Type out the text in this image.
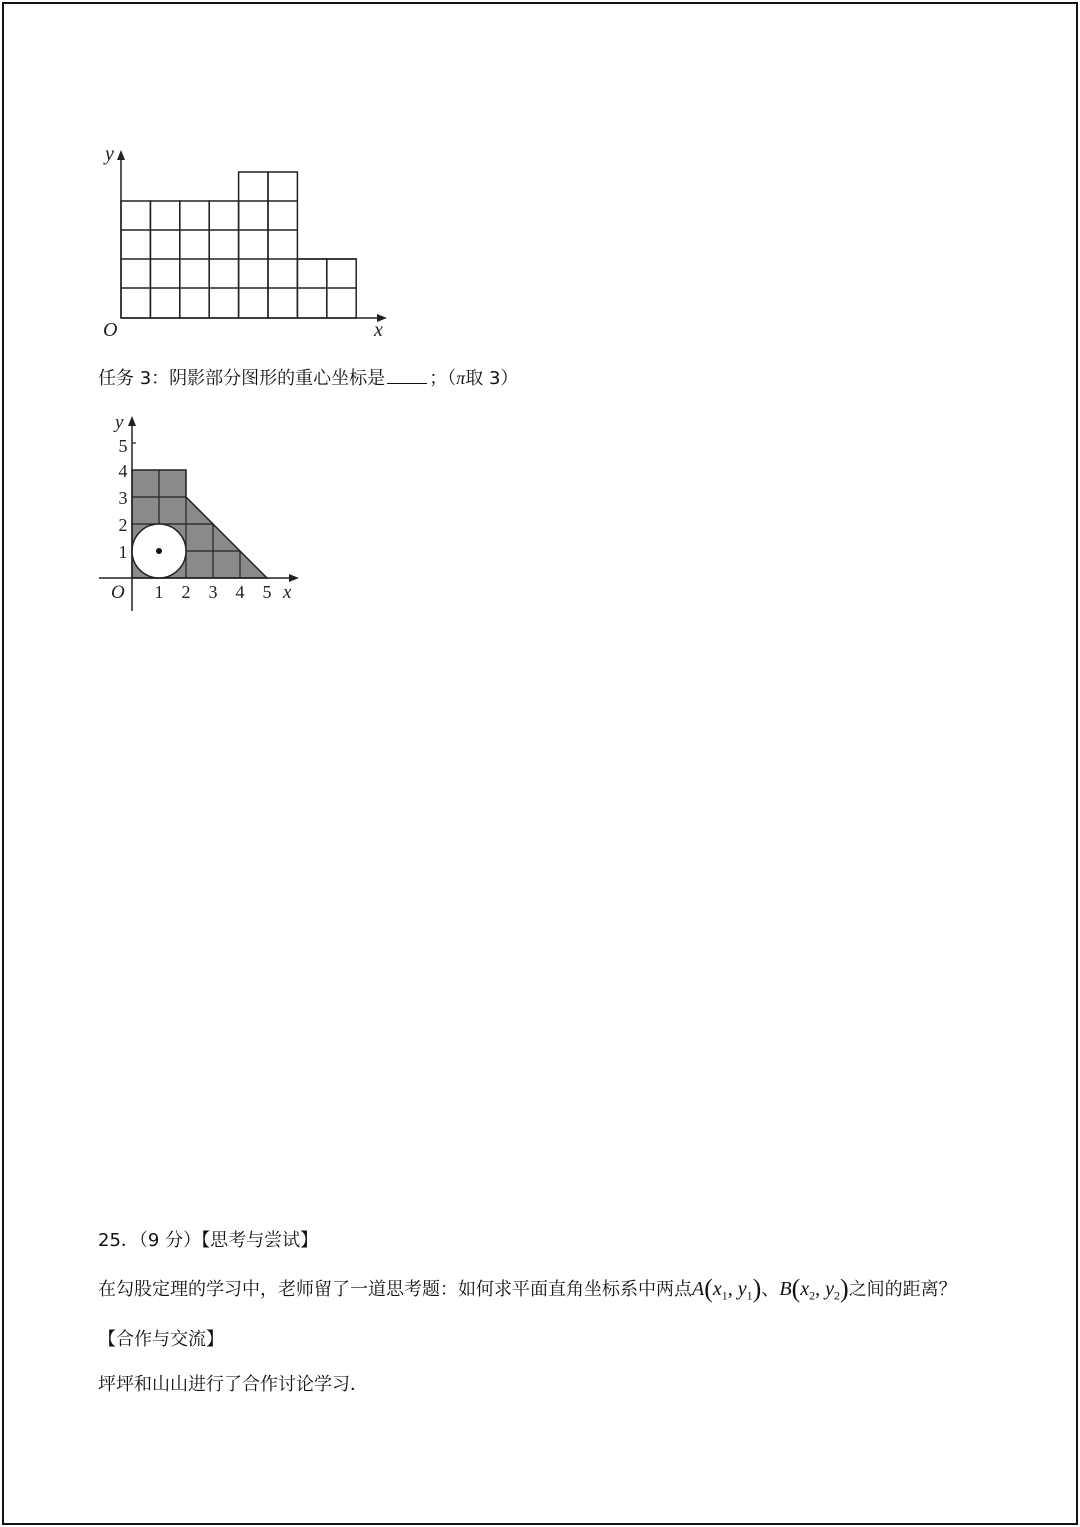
y
x
O
任务 3：阴影部分图形的重心坐标是 ；（π取 3）
y
x
O
1
2
3
4
5
1 2 3 4 5
25．（9 分）【思考与尝试】
在勾股定理的学习中，老师留了一道思考题：如何求平面直角坐标系中两点$A(x_1$, $y_1$)、$B(x_2$, $y_2$)之间的距离？
【合作与交流】
坪坪和山山进行了合作讨论学习．
